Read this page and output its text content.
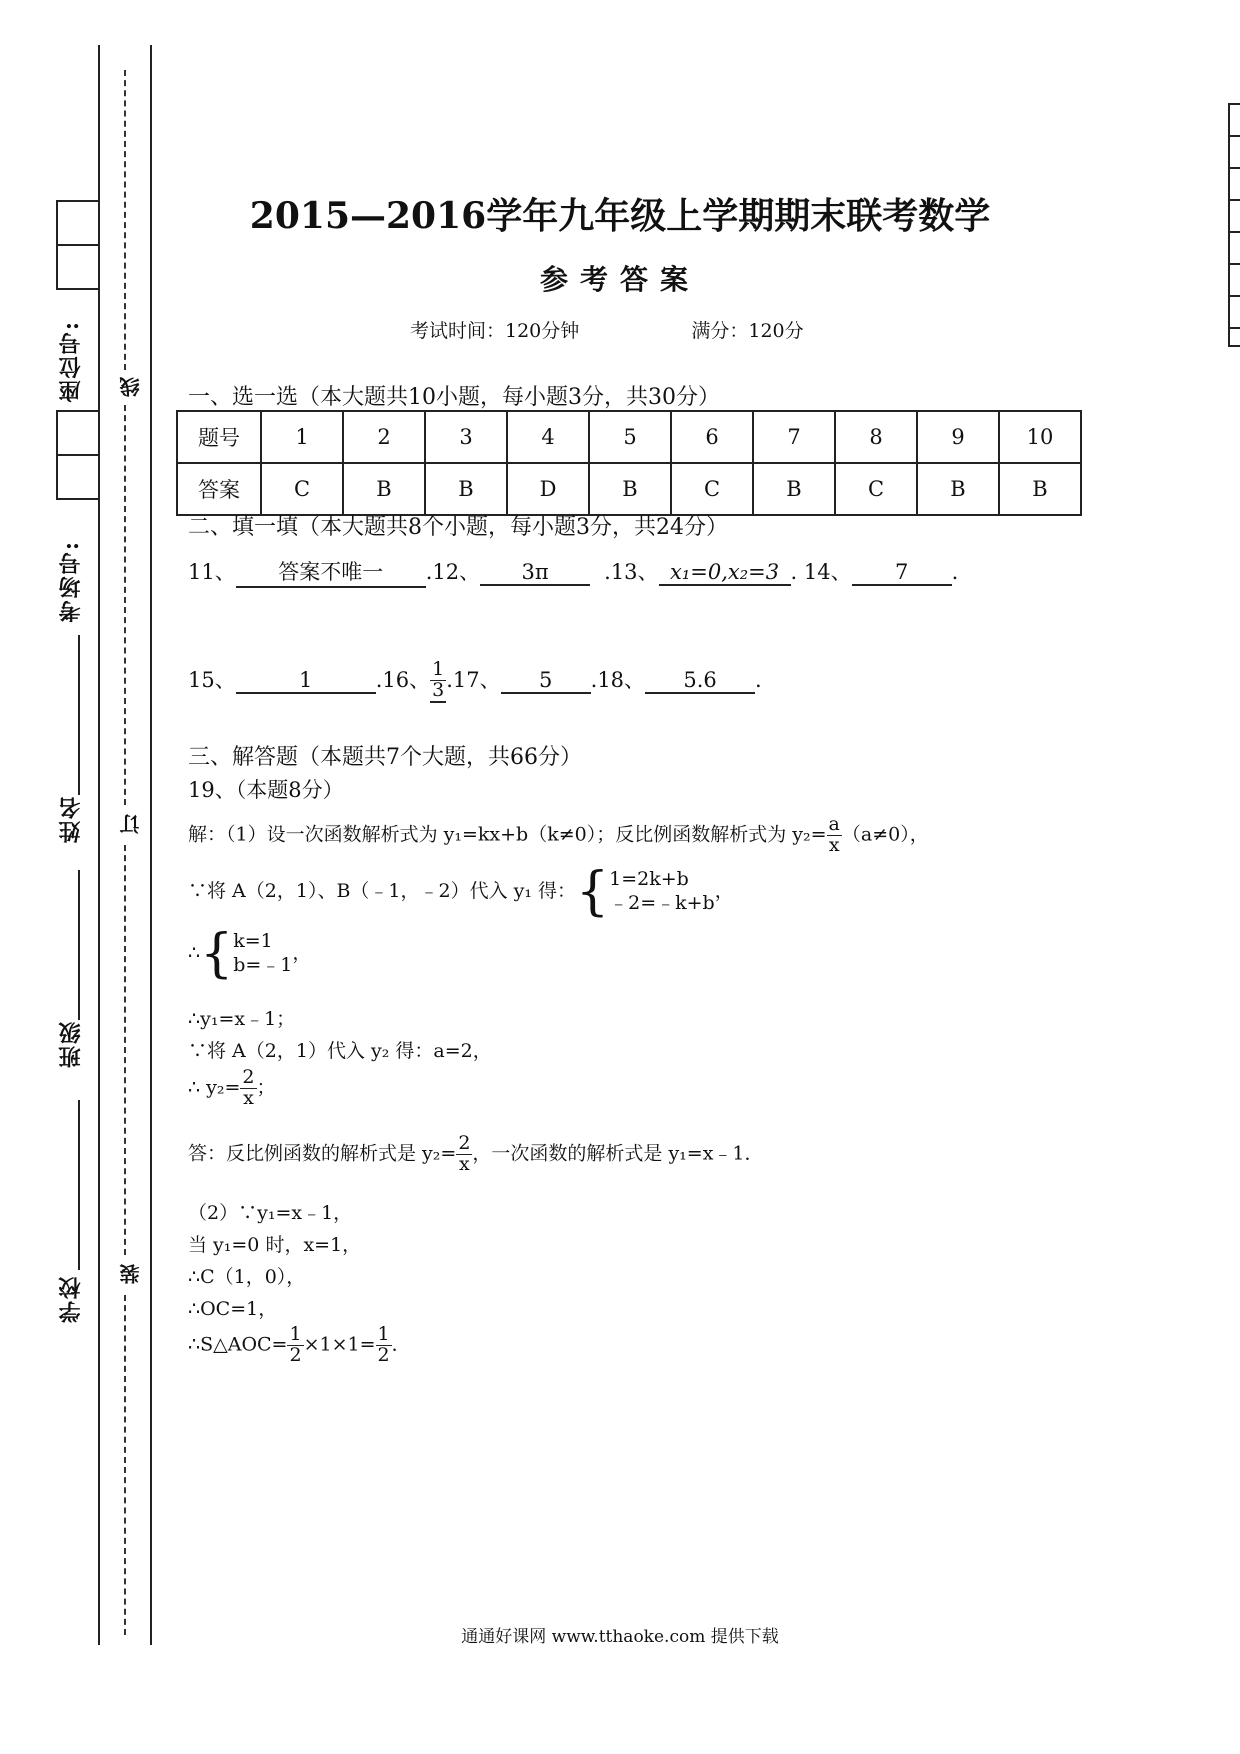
座位号:
考场号:
姓名
班级
学校
线
订
装
2015—2016学年九年级上学期期末联考数学
参考答案
考试时间：120分钟	满分：120分
一、选一选（本大题共10小题，每小题3分，共30分）
题号	1	2	3	4	5	6	7	8	9	10
答案	C	B	B	D	B	C	B	C	B	B
二、填一填（本大题共8个小题，每小题3分，共24分）
11、 答案不唯一 .12、 3π	.13、 x₁=0,x₂=3 . 14、 7 .
15、	1	.16、 $\frac{1}{3} .17$、 5 .18、 5.6 .
三、解答题（本题共7个大题，共66分）
19、（本题8分）
解：（1）设一次函数解析式为 y₁=kx+b（k≠0）；反比例函数解析式为 $y_2= \frac{a}{x} (a\ne 0)$，
∵将 A（2，1）、B（﹣1，﹣2）代入 y₁ 得： { 1=2k+b
﹣2=﹣k+b
，
∴ { k=1
b=﹣1
，
∴y₁=x﹣1；
∵将 A（2，1）代入 y₂ 得：a=2，
∴ $y_2= \frac{2}{x}$ ；
答：反比例函数的解析式是 $y_2= \frac{2}{x}$ ，一次函数的解析式是 y₁=x﹣1．
（2）∵y₁=x﹣1，
当 y₁=0 时，x=1，
∴C（1，0），
∴OC=1，
∴S△AOC= $\frac{1}{2} \times 1\times 1= \frac{1}{2}$ ．
通通好课网 www.tthaoke.com 提供下载
